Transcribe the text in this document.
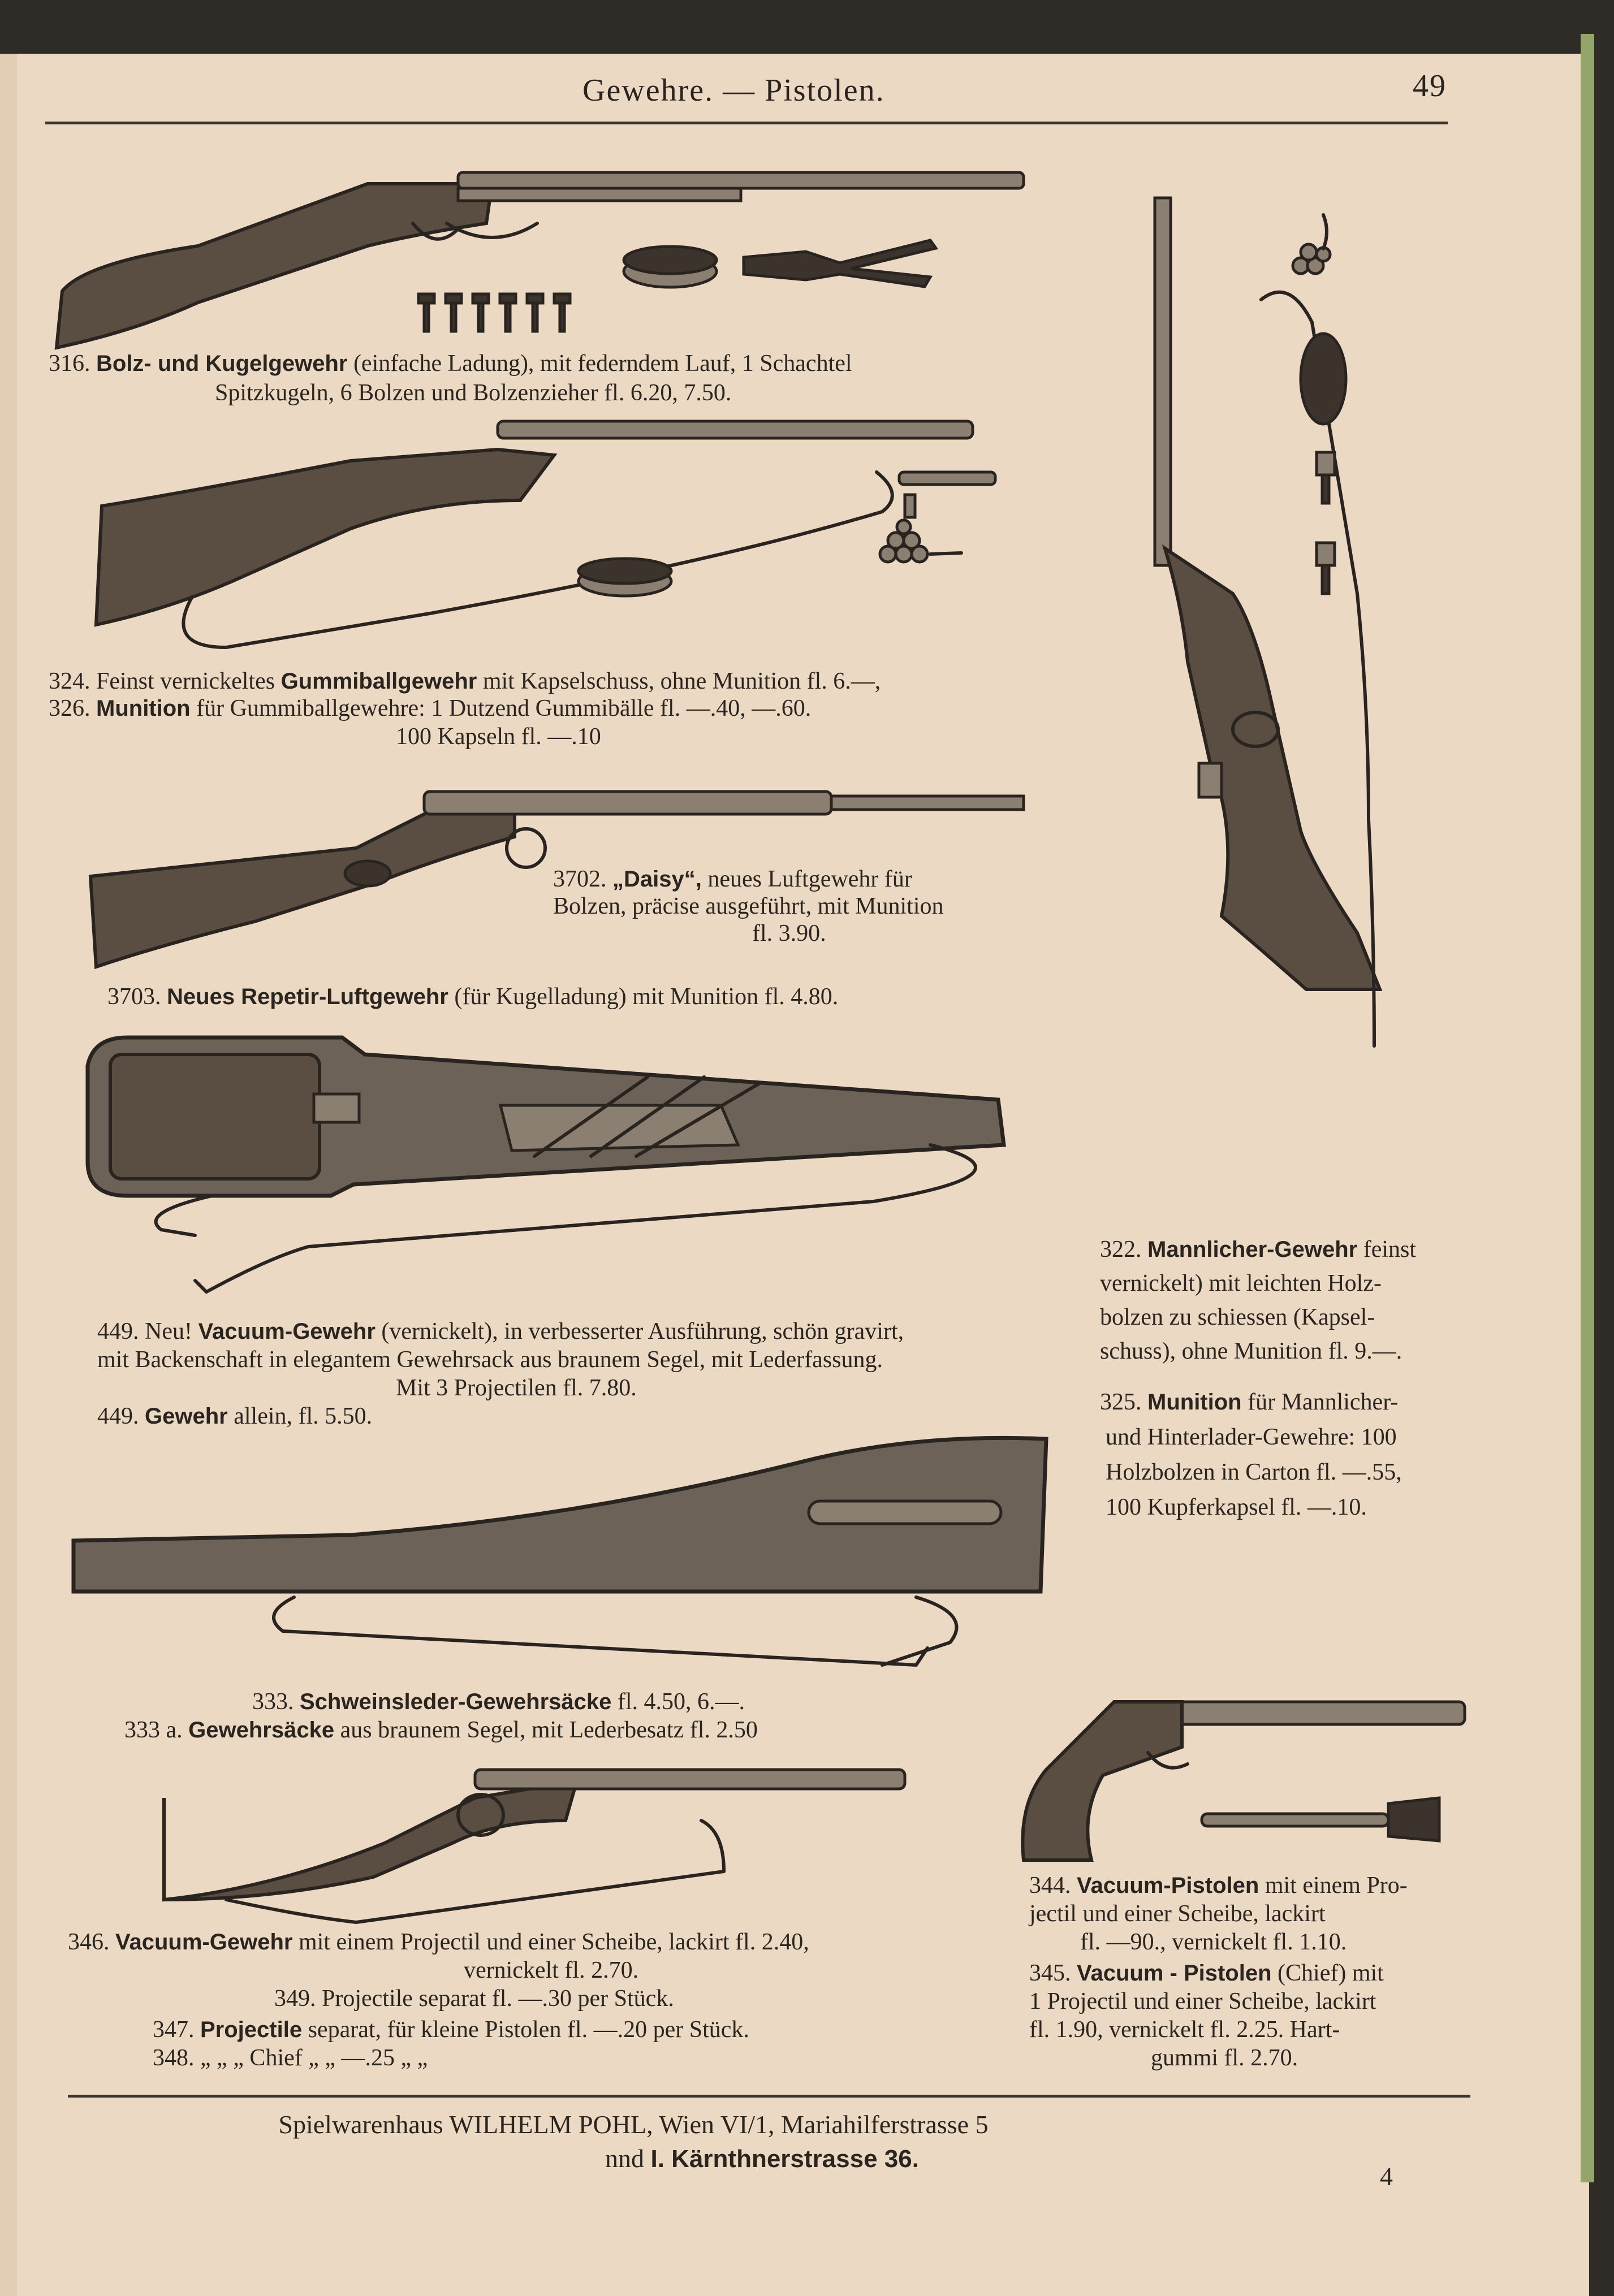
Gewehre. — Pistolen.	49
316. Bolz- und Kugelgewehr (einfache Ladung), mit federndem Lauf, 1 Schachtel
Spitzkugeln, 6 Bolzen und Bolzenzieher fl. 6.20, 7.50.
324. Feinst vernickeltes Gummiballgewehr mit Kapselschuss, ohne Munition fl. 6.—,
326. Munition für Gummiballgewehre: 1 Dutzend Gummibälle fl. —.40, —.60.
100 Kapseln fl. —.10
3702. „Daisy“, neues Luftgewehr für
Bolzen, präcise ausgeführt, mit Munition
fl. 3.90.
3703. Neues Repetir-Luftgewehr (für Kugelladung) mit Munition fl. 4.80.
449. Neu! Vacuum-Gewehr (vernickelt), in verbesserter Ausführung, schön gravirt,
mit Backenschaft in elegantem Gewehrsack aus braunem Segel, mit Lederfassung.
Mit 3 Projectilen fl. 7.80.
449. Gewehr allein, fl. 5.50.
322. Mannlicher-Gewehr feinst
vernickelt) mit leichten Holz-
bolzen zu schiessen (Kapsel-
schuss), ohne Munition fl. 9.—.
325. Munition für Mannlicher-
und Hinterlader-Gewehre: 100
Holzbolzen in Carton fl. —.55,
100 Kupferkapsel fl. —.10.
333. Schweinsleder-Gewehrsäcke fl. 4.50, 6.—.
333 a. Gewehrsäcke aus braunem Segel, mit Lederbesatz fl. 2.50
346. Vacuum-Gewehr mit einem Projectil und einer Scheibe, lackirt fl. 2.40,
vernickelt fl. 2.70.
349. Projectile separat fl. —.30 per Stück.
347. Projectile separat, für kleine Pistolen fl. —.20 per Stück.
348. „ „ „ Chief „ „ —.25 „ „
344. Vacuum-Pistolen mit einem Pro-
jectil und einer Scheibe, lackirt
fl. —90., vernickelt fl. 1.10.
345. Vacuum - Pistolen (Chief) mit
1 Projectil und einer Scheibe, lackirt
fl. 1.90, vernickelt fl. 2.25. Hart-
gummi fl. 2.70.
Spielwarenhaus WILHELM POHL, Wien VI/1, Mariahilferstrasse 5
nnd I. Kärnthnerstrasse 36.
4
